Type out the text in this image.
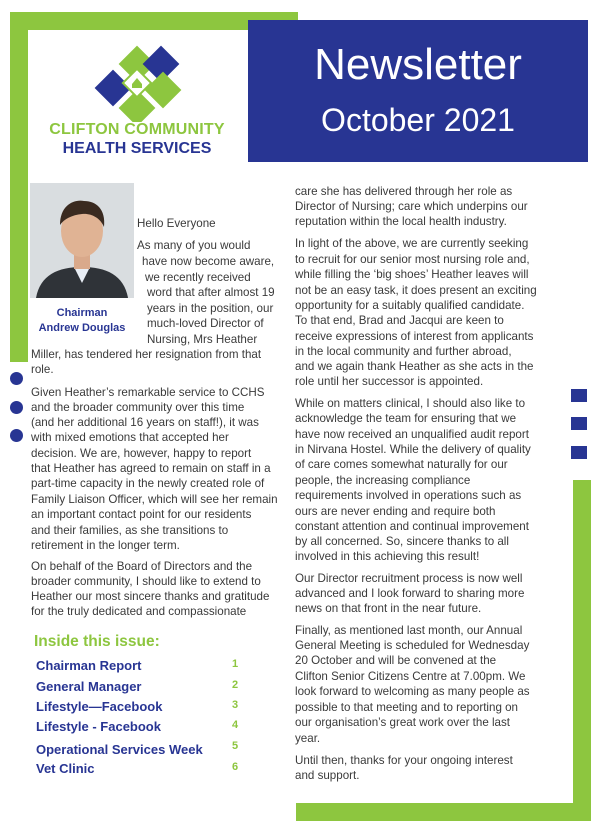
Newsletter
October 2021
CLIFTON COMMUNITY
HEALTH SERVICES
Chairman
Andrew Douglas
Hello Everyone
As many of you would
have now become aware,
we recently received
word that after almost 19
years in the position, our
much-loved Director of
Nursing, Mrs Heather
Miller, has tendered her resignation from that
role.
Given Heather’s remarkable service to CCHS
and the broader community over this time
(and her additional 16 years on staff!), it was
with mixed emotions that accepted her
decision. We are, however, happy to report
that Heather has agreed to remain on staff in a
part-time capacity in the newly created role of
Family Liaison Officer, which will see her remain
an important contact point for our residents
and their families, as she transitions to
retirement in the longer term.
On behalf of the Board of Directors and the
broader community, I should like to extend to
Heather our most sincere thanks and gratitude
for the truly dedicated and compassionate
Inside this issue:
Chairman Report	1
General Manager	2
Lifestyle—Facebook	3
Lifestyle - Facebook	4
Operational Services Week	5
Vet Clinic	6
care she has delivered through her role as
Director of Nursing; care which underpins our
reputation within the local health industry.
In light of the above, we are currently seeking
to recruit for our senior most nursing role and,
while filling the ‘big shoes’ Heather leaves will
not be an easy task, it does present an exciting
opportunity for a suitably qualified candidate.
To that end, Brad and Jacqui are keen to
receive expressions of interest from applicants
in the local community and further abroad,
and we again thank Heather as she acts in the
role until her successor is appointed.
While on matters clinical, I should also like to
acknowledge the team for ensuring that we
have now received an unqualified audit report
in Nirvana Hostel. While the delivery of quality
of care comes somewhat naturally for our
people, the increasing compliance
requirements involved in operations such as
ours are never ending and require both
constant attention and continual improvement
by all concerned. So, sincere thanks to all
involved in this achieving this result!
Our Director recruitment process is now well
advanced and I look forward to sharing more
news on that front in the near future.
Finally, as mentioned last month, our Annual
General Meeting is scheduled for Wednesday
20 October and will be convened at the
Clifton Senior Citizens Centre at 7.00pm. We
look forward to welcoming as many people as
possible to that meeting and to reporting on
our organisation’s great work over the last
year.
Until then, thanks for your ongoing interest
and support.
